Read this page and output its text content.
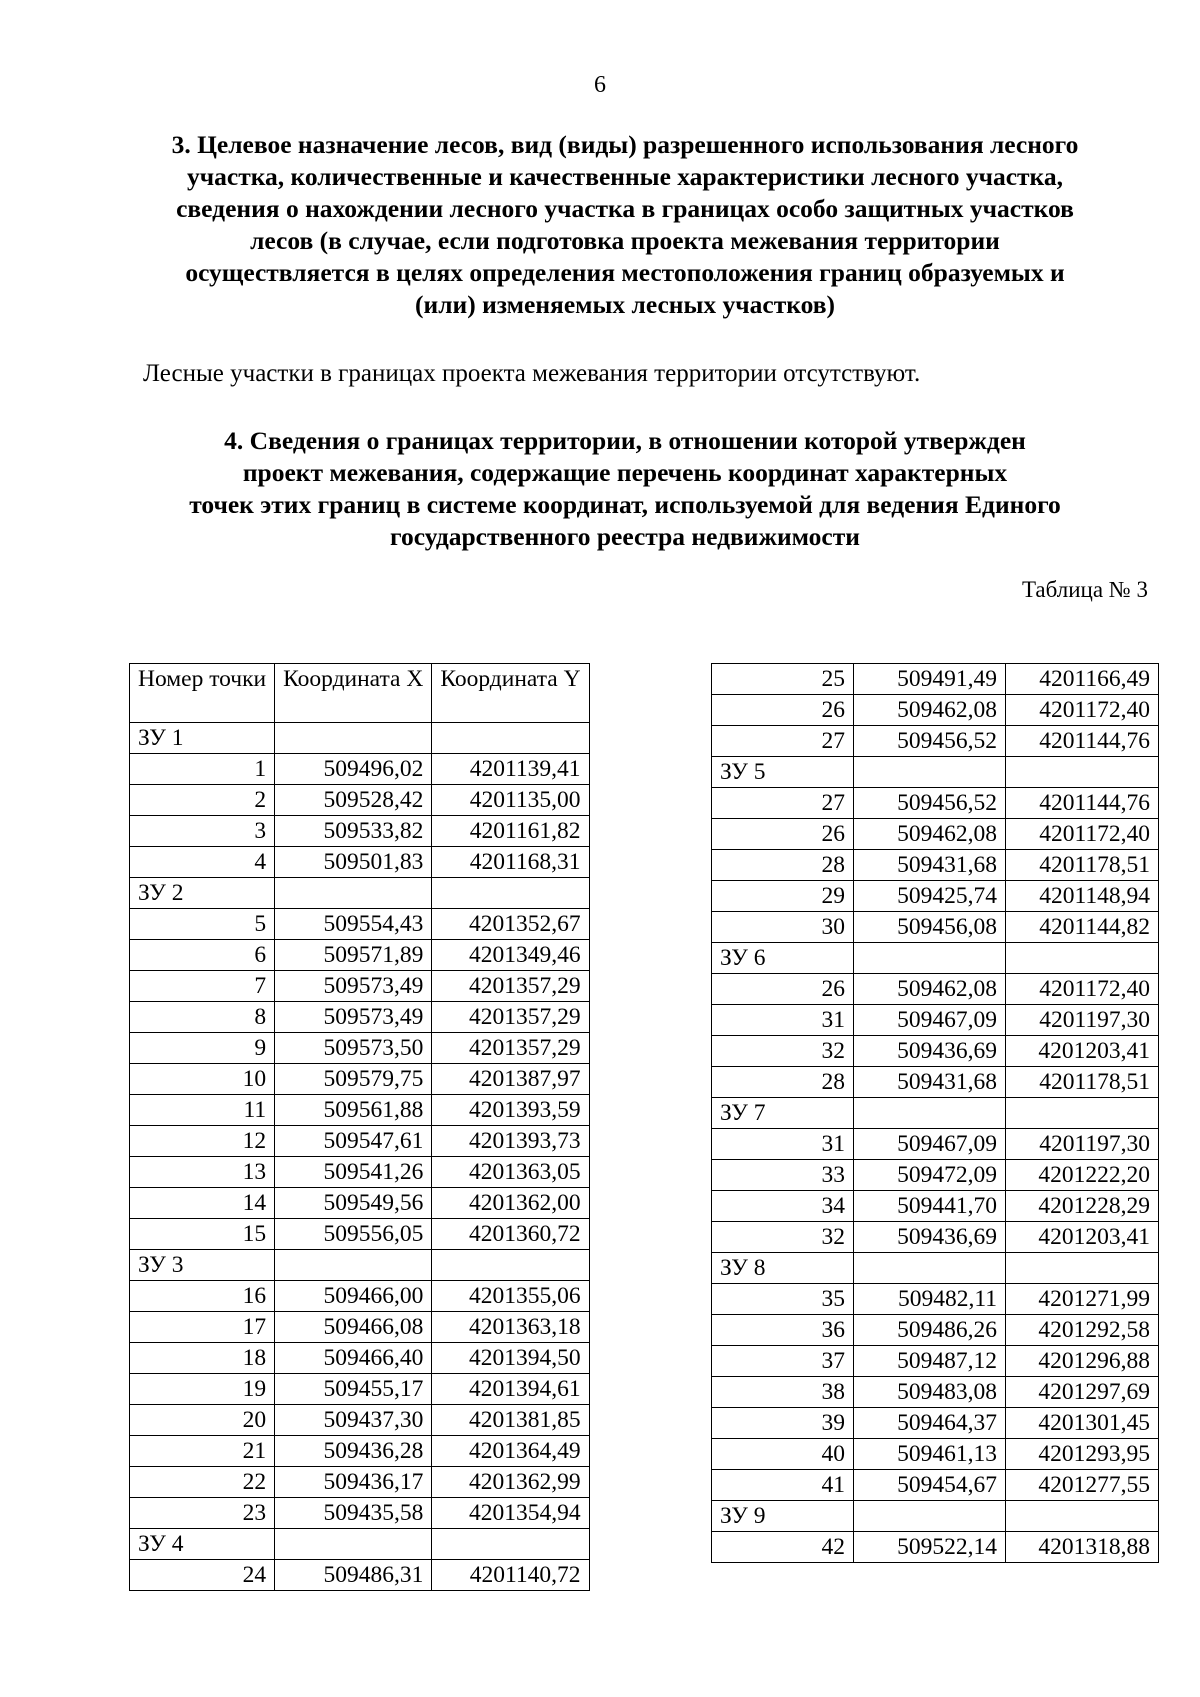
6
3. Целевое назначение лесов, вид (виды) разрешенного использования лесного
участка, количественные и качественные характеристики лесного участка,
сведения о нахождении лесного участка в границах особо защитных участков
лесов (в случае, если подготовка проекта межевания территории
осуществляется в целях определения местоположения границ образуемых и
(или) изменяемых лесных участков)
Лесные участки в границах проекта межевания территории отсутствуют.
4. Сведения о границах территории, в отношении которой утвержден
проект межевания, содержащие перечень координат характерных
точек этих границ в системе координат, используемой для ведения Единого
государственного реестра недвижимости
Таблица № 3
Номер точки	Координата X	Координата Y
ЗУ 1		
1	509496,02	4201139,41
2	509528,42	4201135,00
3	509533,82	4201161,82
4	509501,83	4201168,31
ЗУ 2		
5	509554,43	4201352,67
6	509571,89	4201349,46
7	509573,49	4201357,29
8	509573,49	4201357,29
9	509573,50	4201357,29
10	509579,75	4201387,97
11	509561,88	4201393,59
12	509547,61	4201393,73
13	509541,26	4201363,05
14	509549,56	4201362,00
15	509556,05	4201360,72
ЗУ 3		
16	509466,00	4201355,06
17	509466,08	4201363,18
18	509466,40	4201394,50
19	509455,17	4201394,61
20	509437,30	4201381,85
21	509436,28	4201364,49
22	509436,17	4201362,99
23	509435,58	4201354,94
ЗУ 4		
24	509486,31	4201140,72
25	509491,49	4201166,49
26	509462,08	4201172,40
27	509456,52	4201144,76
ЗУ 5		
27	509456,52	4201144,76
26	509462,08	4201172,40
28	509431,68	4201178,51
29	509425,74	4201148,94
30	509456,08	4201144,82
ЗУ 6		
26	509462,08	4201172,40
31	509467,09	4201197,30
32	509436,69	4201203,41
28	509431,68	4201178,51
ЗУ 7		
31	509467,09	4201197,30
33	509472,09	4201222,20
34	509441,70	4201228,29
32	509436,69	4201203,41
ЗУ 8		
35	509482,11	4201271,99
36	509486,26	4201292,58
37	509487,12	4201296,88
38	509483,08	4201297,69
39	509464,37	4201301,45
40	509461,13	4201293,95
41	509454,67	4201277,55
ЗУ 9		
42	509522,14	4201318,88
